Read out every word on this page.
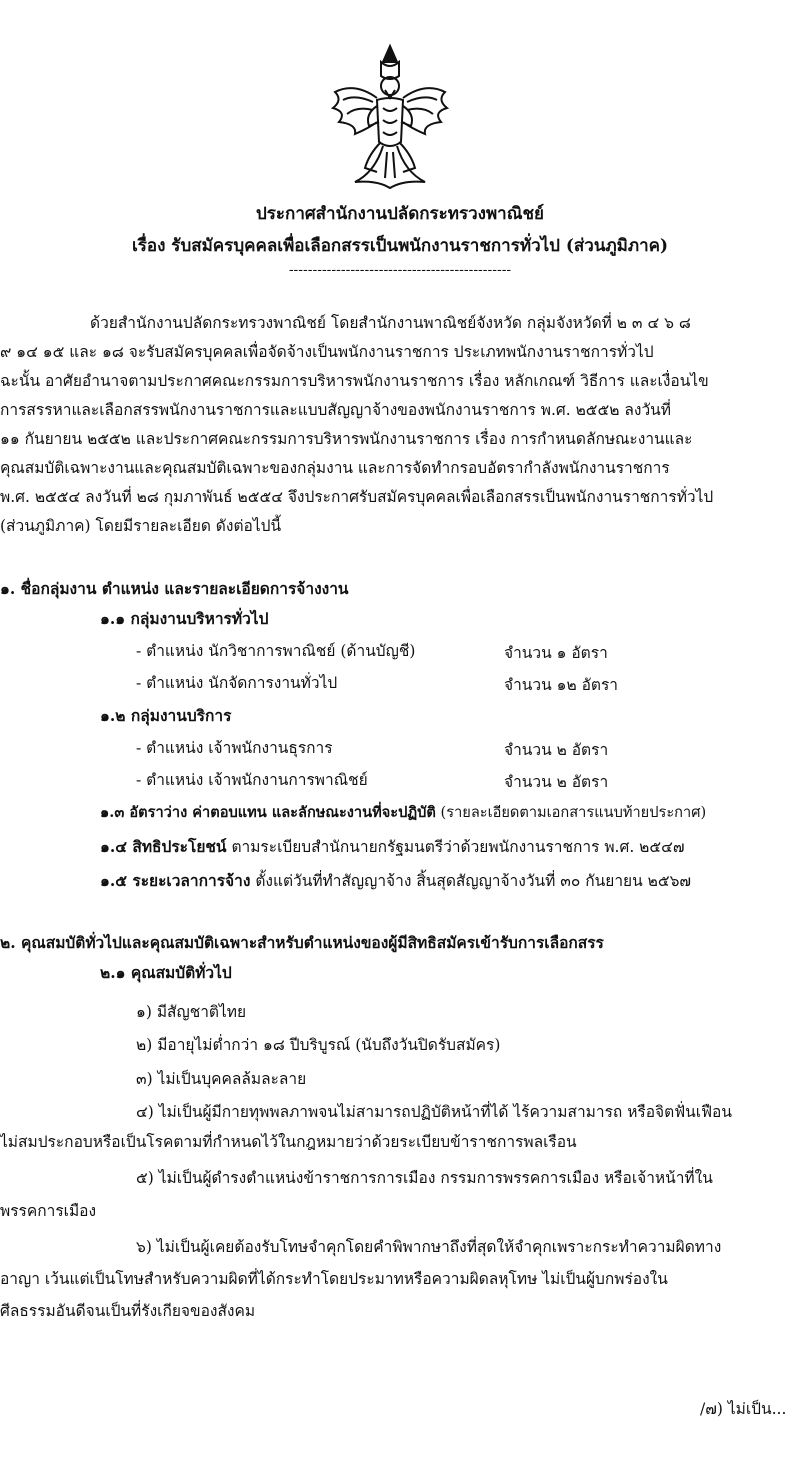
ประกาศสำนักงานปลัดกระทรวงพาณิชย์
เรื่อง รับสมัครบุคคลเพื่อเลือกสรรเป็นพนักงานราชการทั่วไป (ส่วนภูมิภาค)
-----------------------------------------------
ด้วยสำนักงานปลัดกระทรวงพาณิชย์ โดยสำนักงานพาณิชย์จังหวัด กลุ่มจังหวัดที่ ๒ ๓ ๔ ๖ ๘
๙ ๑๔ ๑๕ และ ๑๘ จะรับสมัครบุคคลเพื่อจัดจ้างเป็นพนักงานราชการ ประเภทพนักงานราชการทั่วไป
ฉะนั้น อาศัยอำนาจตามประกาศคณะกรรมการบริหารพนักงานราชการ เรื่อง หลักเกณฑ์ วิธีการ และเงื่อนไข
การสรรหาและเลือกสรรพนักงานราชการและแบบสัญญาจ้างของพนักงานราชการ พ.ศ. ๒๕๕๒ ลงวันที่
๑๑ กันยายน ๒๕๕๒ และประกาศคณะกรรมการบริหารพนักงานราชการ เรื่อง การกำหนดลักษณะงานและ
คุณสมบัติเฉพาะงานและคุณสมบัติเฉพาะของกลุ่มงาน และการจัดทำกรอบอัตรากำลังพนักงานราชการ
พ.ศ. ๒๕๕๔ ลงวันที่ ๒๘ กุมภาพันธ์ ๒๕๕๔ จึงประกาศรับสมัครบุคคลเพื่อเลือกสรรเป็นพนักงานราชการทั่วไป
(ส่วนภูมิภาค) โดยมีรายละเอียด ดังต่อไปนี้
๑. ชื่อกลุ่มงาน ตำแหน่ง และรายละเอียดการจ้างงาน
๑.๑ กลุ่มงานบริหารทั่วไป
- ตำแหน่ง นักวิชาการพาณิชย์ (ด้านบัญชี)	จำนวน ๑ อัตรา
- ตำแหน่ง นักจัดการงานทั่วไป	จำนวน ๑๒ อัตรา
๑.๒ กลุ่มงานบริการ
- ตำแหน่ง เจ้าพนักงานธุรการ	จำนวน ๒ อัตรา
- ตำแหน่ง เจ้าพนักงานการพาณิชย์	จำนวน ๒ อัตรา
๑.๓ อัตราว่าง ค่าตอบแทน และลักษณะงานที่จะปฏิบัติ (รายละเอียดตามเอกสารแนบท้ายประกาศ)
๑.๔ สิทธิประโยชน์ ตามระเบียบสำนักนายกรัฐมนตรีว่าด้วยพนักงานราชการ พ.ศ. ๒๕๔๗
๑.๕ ระยะเวลาการจ้าง ตั้งแต่วันที่ทำสัญญาจ้าง สิ้นสุดสัญญาจ้างวันที่ ๓๐ กันยายน ๒๕๖๗
๒. คุณสมบัติทั่วไปและคุณสมบัติเฉพาะสำหรับตำแหน่งของผู้มีสิทธิสมัครเข้ารับการเลือกสรร
๒.๑ คุณสมบัติทั่วไป
๑) มีสัญชาติไทย
๒) มีอายุไม่ต่ำกว่า ๑๘ ปีบริบูรณ์ (นับถึงวันปิดรับสมัคร)
๓) ไม่เป็นบุคคลล้มละลาย
๔) ไม่เป็นผู้มีกายทุพพลภาพจนไม่สามารถปฏิบัติหน้าที่ได้ ไร้ความสามารถ หรือจิตฟั่นเฟือน
ไม่สมประกอบหรือเป็นโรคตามที่กำหนดไว้ในกฎหมายว่าด้วยระเบียบข้าราชการพลเรือน
๕) ไม่เป็นผู้ดำรงตำแหน่งข้าราชการการเมือง กรรมการพรรคการเมือง หรือเจ้าหน้าที่ใน
พรรคการเมือง
๖) ไม่เป็นผู้เคยต้องรับโทษจำคุกโดยคำพิพากษาถึงที่สุดให้จำคุกเพราะกระทำความผิดทาง
อาญา เว้นแต่เป็นโทษสำหรับความผิดที่ได้กระทำโดยประมาทหรือความผิดลหุโทษ ไม่เป็นผู้บกพร่องใน
ศีลธรรมอันดีจนเป็นที่รังเกียจของสังคม
/๗) ไม่เป็น...
